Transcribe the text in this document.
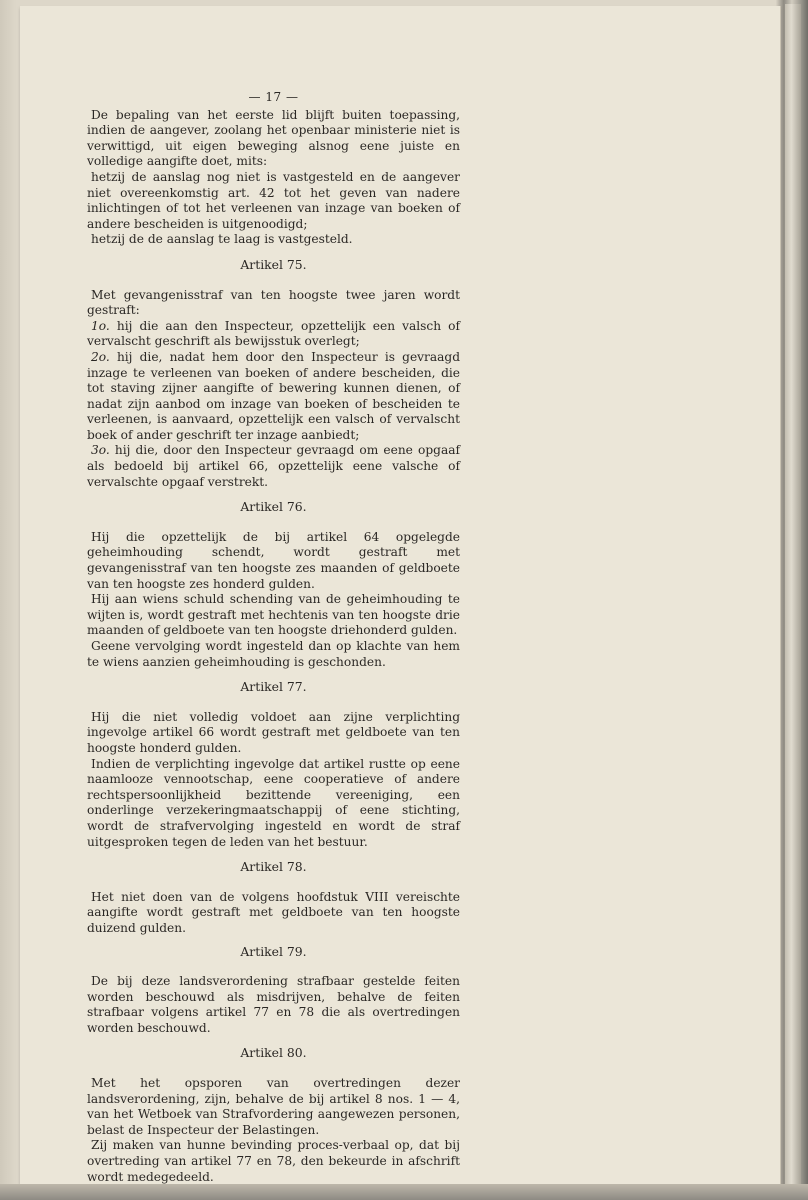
— 17 —

De bepaling van het eerste lid blijft buiten toepassing, indien de aangever, zoolang het openbaar ministerie niet is verwittigd, uit eigen beweging alsnog eene juiste en volledige aangifte doet, mits:

hetzij de aanslag nog niet is vastgesteld en de aangever niet overeenkomstig art. 42 tot het geven van nadere inlichtingen of tot het verleenen van inzage van boeken of andere bescheiden is uitgenoodigd;

hetzij de de aanslag te laag is vastgesteld.

Artikel 75.

Met gevangenisstraf van ten hoogste twee jaren wordt gestraft:

1o. hij die aan den Inspecteur, opzettelijk een valsch of vervalscht geschrift als bewijsstuk overlegt;

2o. hij die, nadat hem door den Inspecteur is gevraagd inzage te verleenen van boeken of andere bescheiden, die tot staving zijner aangifte of bewering kunnen dienen, of nadat zijn aanbod om inzage van boeken of bescheiden te verleenen, is aanvaard, opzettelijk een valsch of vervalscht boek of ander geschrift ter inzage aanbiedt;

3o. hij die, door den Inspecteur gevraagd om eene opgaaf als bedoeld bij artikel 66, opzettelijk eene valsche of vervalschte opgaaf verstrekt.

Artikel 76.

Hij die opzettelijk de bij artikel 64 opgelegde geheimhouding schendt, wordt gestraft met gevangenisstraf van ten hoogste zes maanden of geldboete van ten hoogste zes honderd gulden.

Hij aan wiens schuld schending van de geheimhouding te wijten is, wordt gestraft met hechtenis van ten hoogste drie maanden of geldboete van ten hoogste driehonderd gulden.

Geene vervolging wordt ingesteld dan op klachte van hem te wiens aanzien geheimhouding is geschonden.

Artikel 77.

Hij die niet volledig voldoet aan zijne verplichting ingevolge artikel 66 wordt gestraft met geldboete van ten hoogste honderd gulden.

Indien de verplichting ingevolge dat artikel rustte op eene naamlooze vennootschap, eene cooperatieve of andere rechtspersoonlijkheid bezittende vereeniging, een onderlinge verzekeringmaatschappij of eene stichting, wordt de strafvervolging ingesteld en wordt de straf uitgesproken tegen de leden van het bestuur.

Artikel 78.

Het niet doen van de volgens hoofdstuk VIII vereischte aangifte wordt gestraft met geldboete van ten hoogste duizend gulden.

Artikel 79.

De bij deze landsverordening strafbaar gestelde feiten worden beschouwd als misdrijven, behalve de feiten strafbaar volgens artikel 77 en 78 die als overtredingen worden beschouwd.

Artikel 80.

Met het opsporen van overtredingen dezer landsverordening, zijn, behalve de bij artikel 8 nos. 1 — 4, van het Wetboek van Strafvordering aangewezen personen, belast de Inspecteur der Belastingen.

Zij maken van hunne bevinding proces-verbaal op, dat bij overtreding van artikel 77 en 78, den bekeurde in afschrift wordt medegedeeld.
